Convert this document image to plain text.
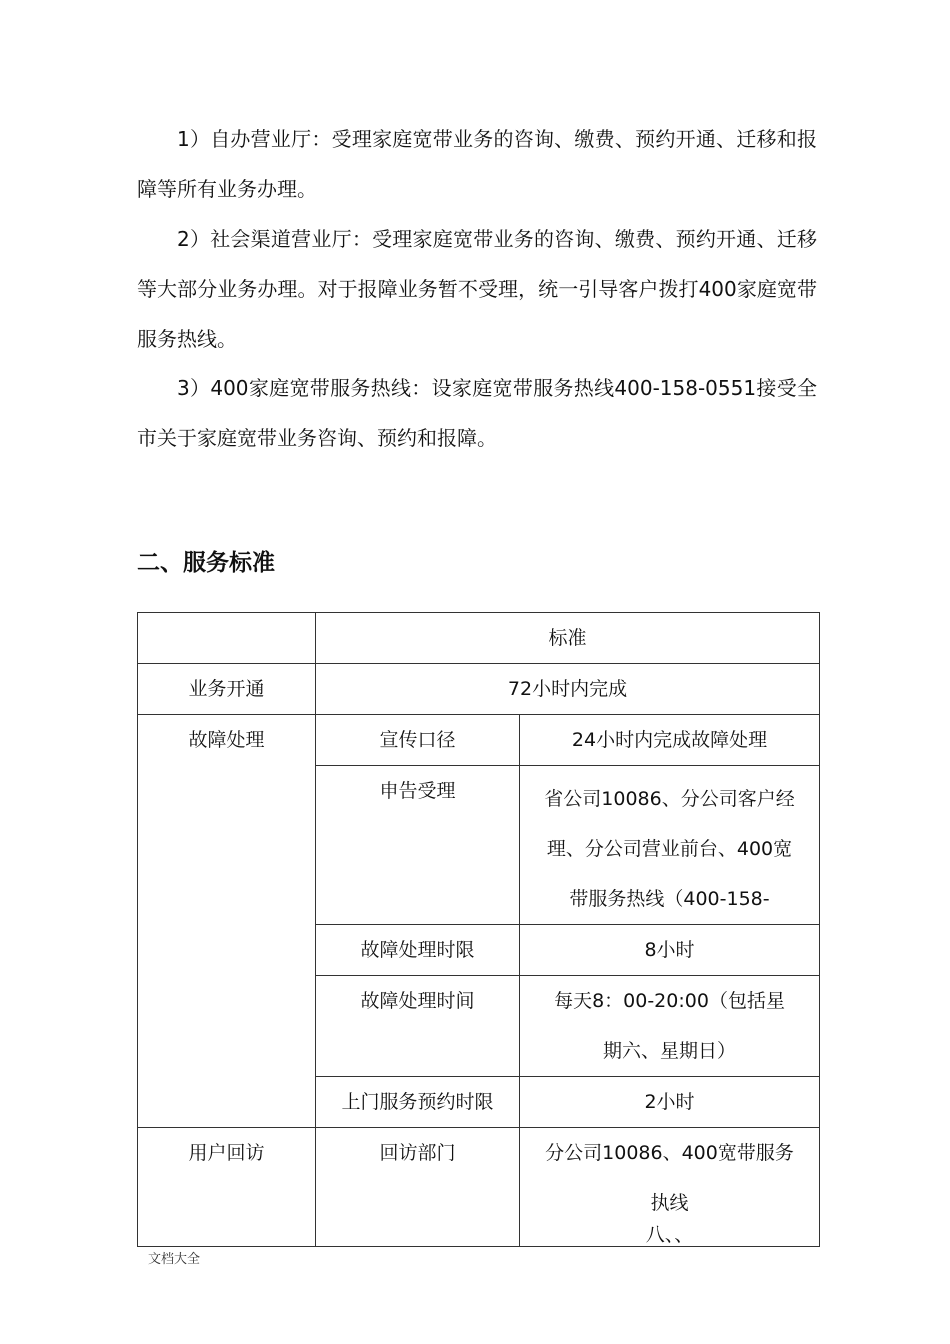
1）自办营业厅：受理家庭宽带业务的咨询、缴费、预约开通、迁移和报障等所有业务办理。

2）社会渠道营业厅：受理家庭宽带业务的咨询、缴费、预约开通、迁移等大部分业务办理。对于报障业务暂不受理，统一引导客户拨打400家庭宽带服务热线。

3）400家庭宽带服务热线：设家庭宽带服务热线400-158-0551接受全市关于家庭宽带业务咨询、预约和报障。

二、服务标准
	标准	
业务开通	72小时内完成	
故障处理	宣传口径	24小时内完成故障处理
	申告受理	省公司10086、分公司客户经
理、分公司营业前台、400宽
带服务热线（400-158-

	故障处理时限	8小时
	故障处理时间	每天8：00-20:00（包括星
期六、星期日）

	上门服务预约时限	2小时
用户回访	回访部门	分公司10086、400宽带服务
执线
八、、
文档大全
